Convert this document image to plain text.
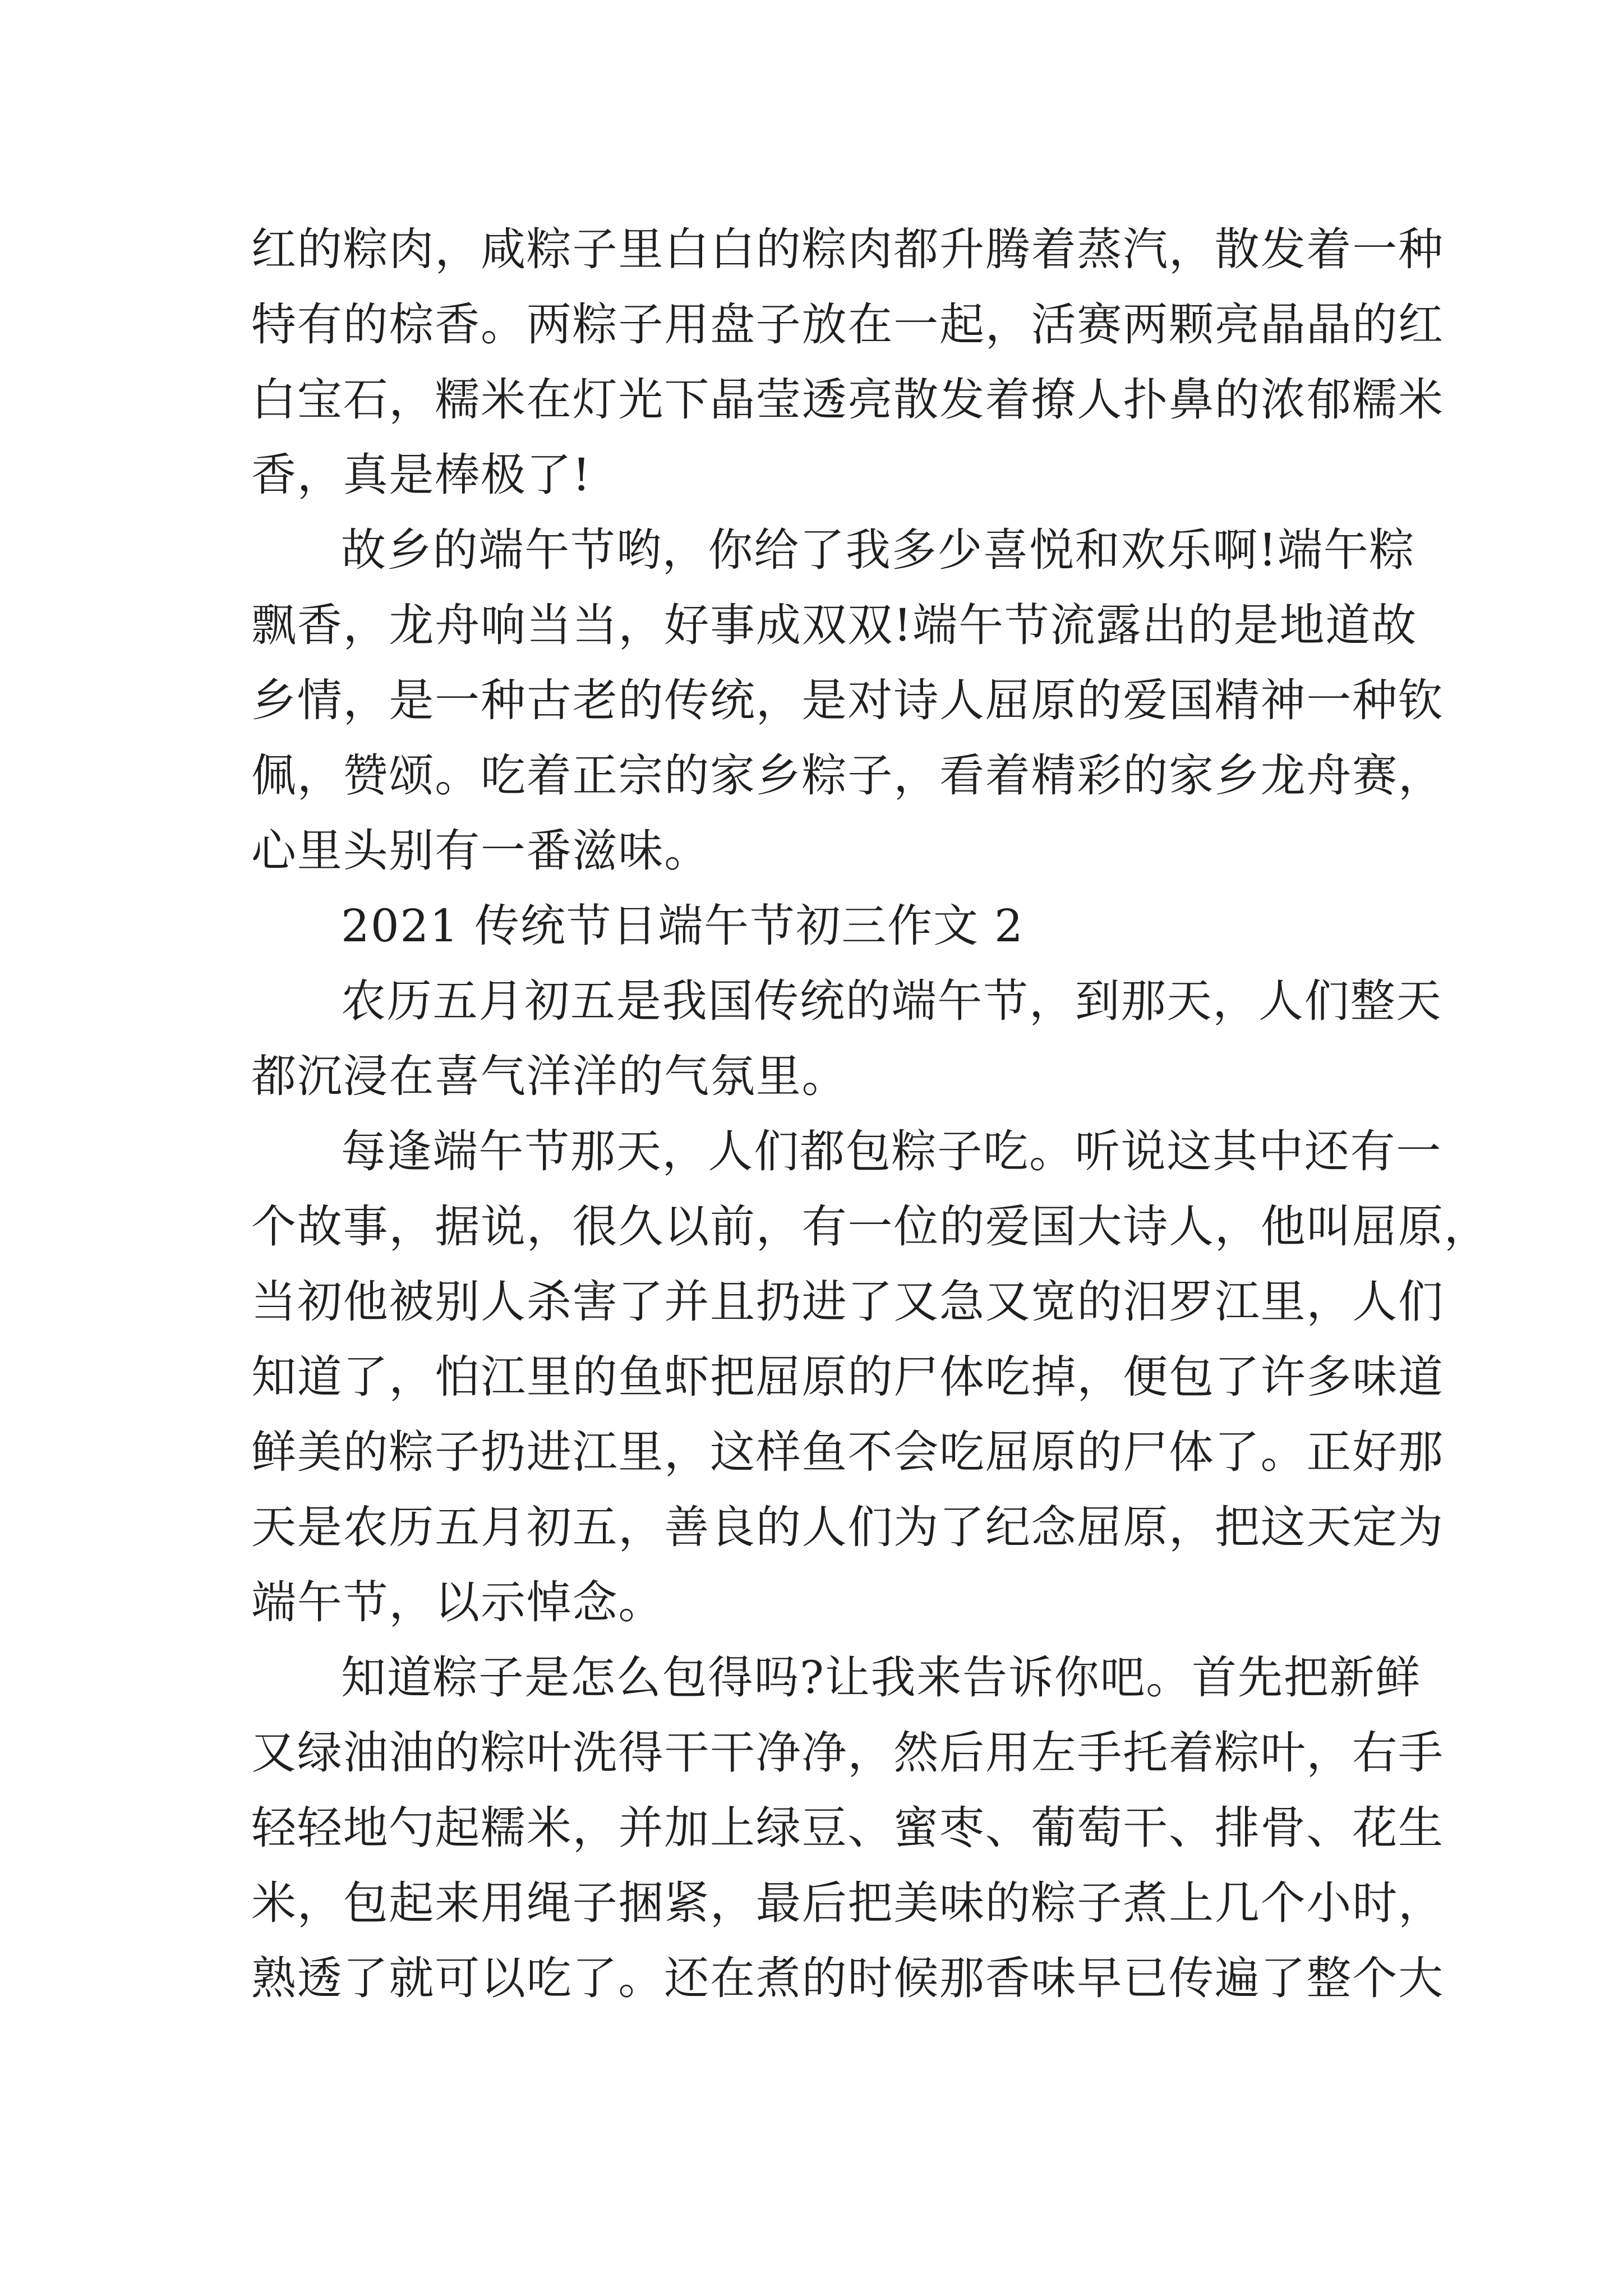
红的粽肉，咸粽子里白白的粽肉都升腾着蒸汽，散发着一种
特有的棕香。两粽子用盘子放在一起，活赛两颗亮晶晶的红
白宝石，糯米在灯光下晶莹透亮散发着撩人扑鼻的浓郁糯米
香，真是棒极了!
故乡的端午节哟，你给了我多少喜悦和欢乐啊!端午粽
飘香，龙舟响当当，好事成双双!端午节流露出的是地道故
乡情，是一种古老的传统，是对诗人屈原的爱国精神一种钦
佩，赞颂。吃着正宗的家乡粽子，看着精彩的家乡龙舟赛，
心里头别有一番滋味。
2021 传统节日端午节初三作文 2
农历五月初五是我国传统的端午节，到那天，人们整天
都沉浸在喜气洋洋的气氛里。
每逢端午节那天，人们都包粽子吃。听说这其中还有一
个故事，据说，很久以前，有一位的爱国大诗人，他叫屈原，
当初他被别人杀害了并且扔进了又急又宽的汨罗江里，人们
知道了，怕江里的鱼虾把屈原的尸体吃掉，便包了许多味道
鲜美的粽子扔进江里，这样鱼不会吃屈原的尸体了。正好那
天是农历五月初五，善良的人们为了纪念屈原，把这天定为
端午节，以示悼念。
知道粽子是怎么包得吗?让我来告诉你吧。首先把新鲜
又绿油油的粽叶洗得干干净净，然后用左手托着粽叶，右手
轻轻地勺起糯米，并加上绿豆、蜜枣、葡萄干、排骨、花生
米，包起来用绳子捆紧，最后把美味的粽子煮上几个小时，
熟透了就可以吃了。还在煮的时候那香味早已传遍了整个大
